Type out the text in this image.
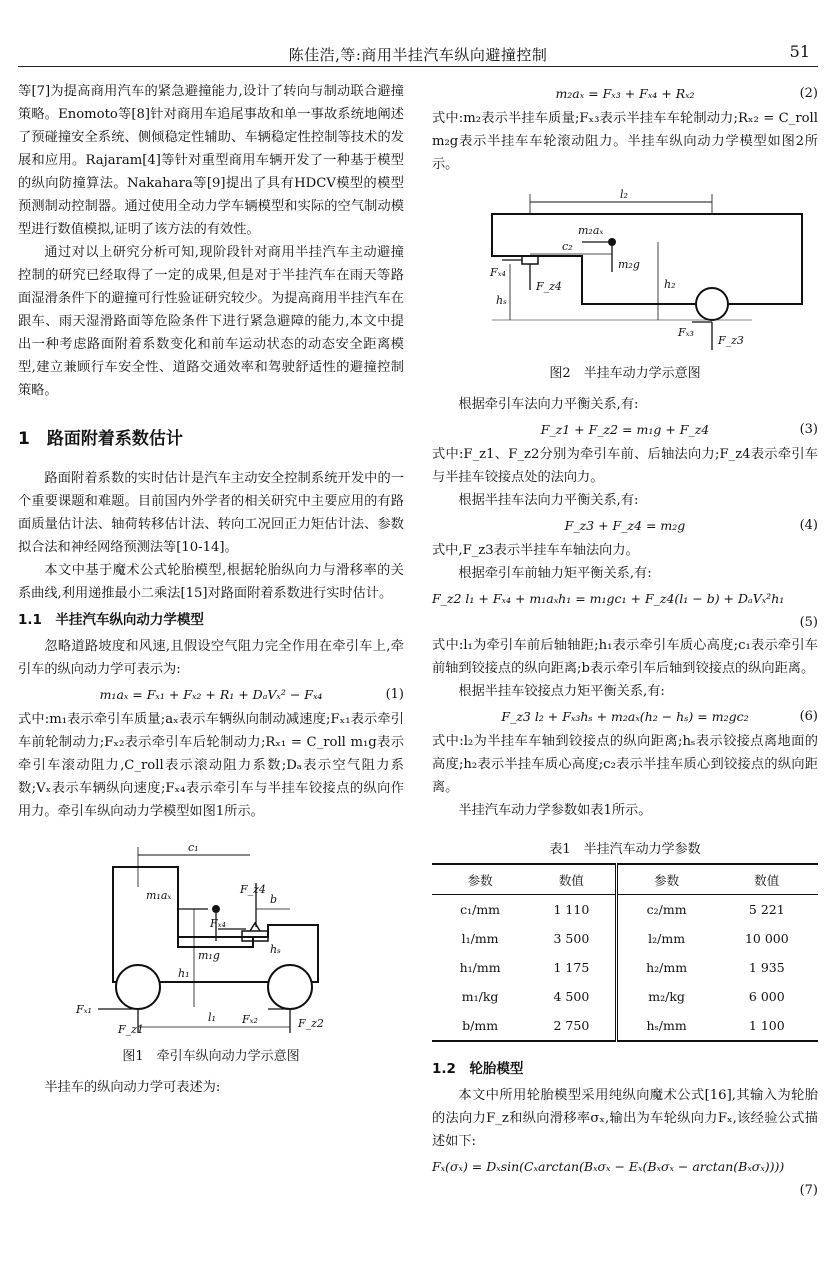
陈佳浩,等:商用半挂汽车纵向避撞控制	51

等[7]为提高商用汽车的紧急避撞能力,设计了转向与制动联合避撞策略。Enomoto等[8]针对商用车追尾事故和单一事故系统地阐述了预碰撞安全系统、侧倾稳定性辅助、车辆稳定性控制等技术的发展和应用。Rajaram[4]等针对重型商用车辆开发了一种基于模型的纵向防撞算法。Nakahara等[9]提出了具有HDCV模型的模型预测制动控制器。通过使用全动力学车辆模型和实际的空气制动模型进行数值模拟,证明了该方法的有效性。

通过对以上研究分析可知,现阶段针对商用半挂汽车主动避撞控制的研究已经取得了一定的成果,但是对于半挂汽车在雨天等路面湿滑条件下的避撞可行性验证研究较少。为提高商用半挂汽车在跟车、雨天湿滑路面等危险条件下进行紧急避障的能力,本文中提出一种考虑路面附着系数变化和前车运动状态的动态安全距离模型,建立兼顾行车安全性、道路交通效率和驾驶舒适性的避撞控制策略。

1　路面附着系数估计

路面附着系数的实时估计是汽车主动安全控制系统开发中的一个重要课题和难题。目前国内外学者的相关研究中主要应用的有路面质量估计法、轴荷转移估计法、转向工况回正力矩估计法、参数拟合法和神经网络预测法等[10-14]。

本文中基于魔术公式轮胎模型,根据轮胎纵向力与滑移率的关系曲线,利用递推最小二乘法[15]对路面附着系数进行实时估计。

1.1　半挂汽车纵向动力学模型

忽略道路坡度和风速,且假设空气阻力完全作用在牵引车上,牵引车的纵向动力学可表示为:

m₁aₓ = Fₓ₁ + Fₓ₂ + R₁ + DₐVₓ² − Fₓ₄	(1)

式中:m₁表示牵引车质量;aₓ表示车辆纵向制动减速度;Fₓ₁表示牵引车前轮制动力;Fₓ₂表示牵引车后轮制动力;Rₓ₁ = C_roll m₁g表示牵引车滚动阻力,C_roll表示滚动阻力系数;Dₐ表示空气阻力系数;Vₓ表示车辆纵向速度;Fₓ₄表示牵引车与半挂车铰接点的纵向作用力。牵引车纵向动力学模型如图1所示。

c₁
m₁aₓ
m₁g
h₁
F_z4
Fₓ₄
b
hₛ
Fₓ₁
F_z1
Fₓ₂	F_z2
l₁
图1　牵引车纵向动力学示意图

半挂车的纵向动力学可表述为:

m₂aₓ = Fₓ₃ + Fₓ₄ + Rₓ₂	(2)

式中:m₂表示半挂车质量;Fₓ₃表示半挂车车轮制动力;Rₓ₂ = C_roll m₂g表示半挂车车轮滚动阻力。半挂车纵向动力学模型如图2所示。

l₂
m₂aₓ
m₂g
c₂
h₂
Fₓ₄
F_z4
hₛ
Fₓ₃
F_z3
图2　半挂车动力学示意图

根据牵引车法向力平衡关系,有:

F_z1 + F_z2 = m₁g + F_z4	(3)

式中:F_z1、F_z2分别为牵引车前、后轴法向力;F_z4表示牵引车与半挂车铰接点处的法向力。

根据半挂车法向力平衡关系,有:

F_z3 + F_z4 = m₂g	(4)

式中,F_z3表示半挂车车轴法向力。

根据牵引车前轴力矩平衡关系,有:

F_z2 l₁ + Fₓ₄ + m₁aₓh₁ = m₁gc₁ + F_z4(l₁ − b) + DₐVₓ²h₁
(5)

式中:l₁为牵引车前后轴轴距;h₁表示牵引车质心高度;c₁表示牵引车前轴到铰接点的纵向距离;b表示牵引车后轴到铰接点的纵向距离。

根据半挂车铰接点力矩平衡关系,有:

F_z3 l₂ + Fₓ₃hₛ + m₂aₓ(h₂ − hₛ) = m₂gc₂	(6)

式中:l₂为半挂车车轴到铰接点的纵向距离;hₛ表示铰接点离地面的高度;h₂表示半挂车质心高度;c₂表示半挂车质心到铰接点的纵向距离。

半挂汽车动力学参数如表1所示。

表1　半挂汽车动力学参数
参数	数值	参数	数值
c₁/mm	1 110	c₂/mm	5 221
l₁/mm	3 500	l₂/mm	10 000
h₁/mm	1 175	h₂/mm	1 935
m₁/kg	4 500	m₂/kg	6 000
b/mm	2 750	hₛ/mm	1 100
1.2　轮胎模型

本文中所用轮胎模型采用纯纵向魔术公式[16],其输入为轮胎的法向力F_z和纵向滑移率σₓ,输出为车轮纵向力Fₓ,该经验公式描述如下:

Fₓ(σₓ) = Dₓsin(Cₓarctan(Bₓσₓ − Eₓ(Bₓσₓ − arctan(Bₓσₓ))))
(7)
